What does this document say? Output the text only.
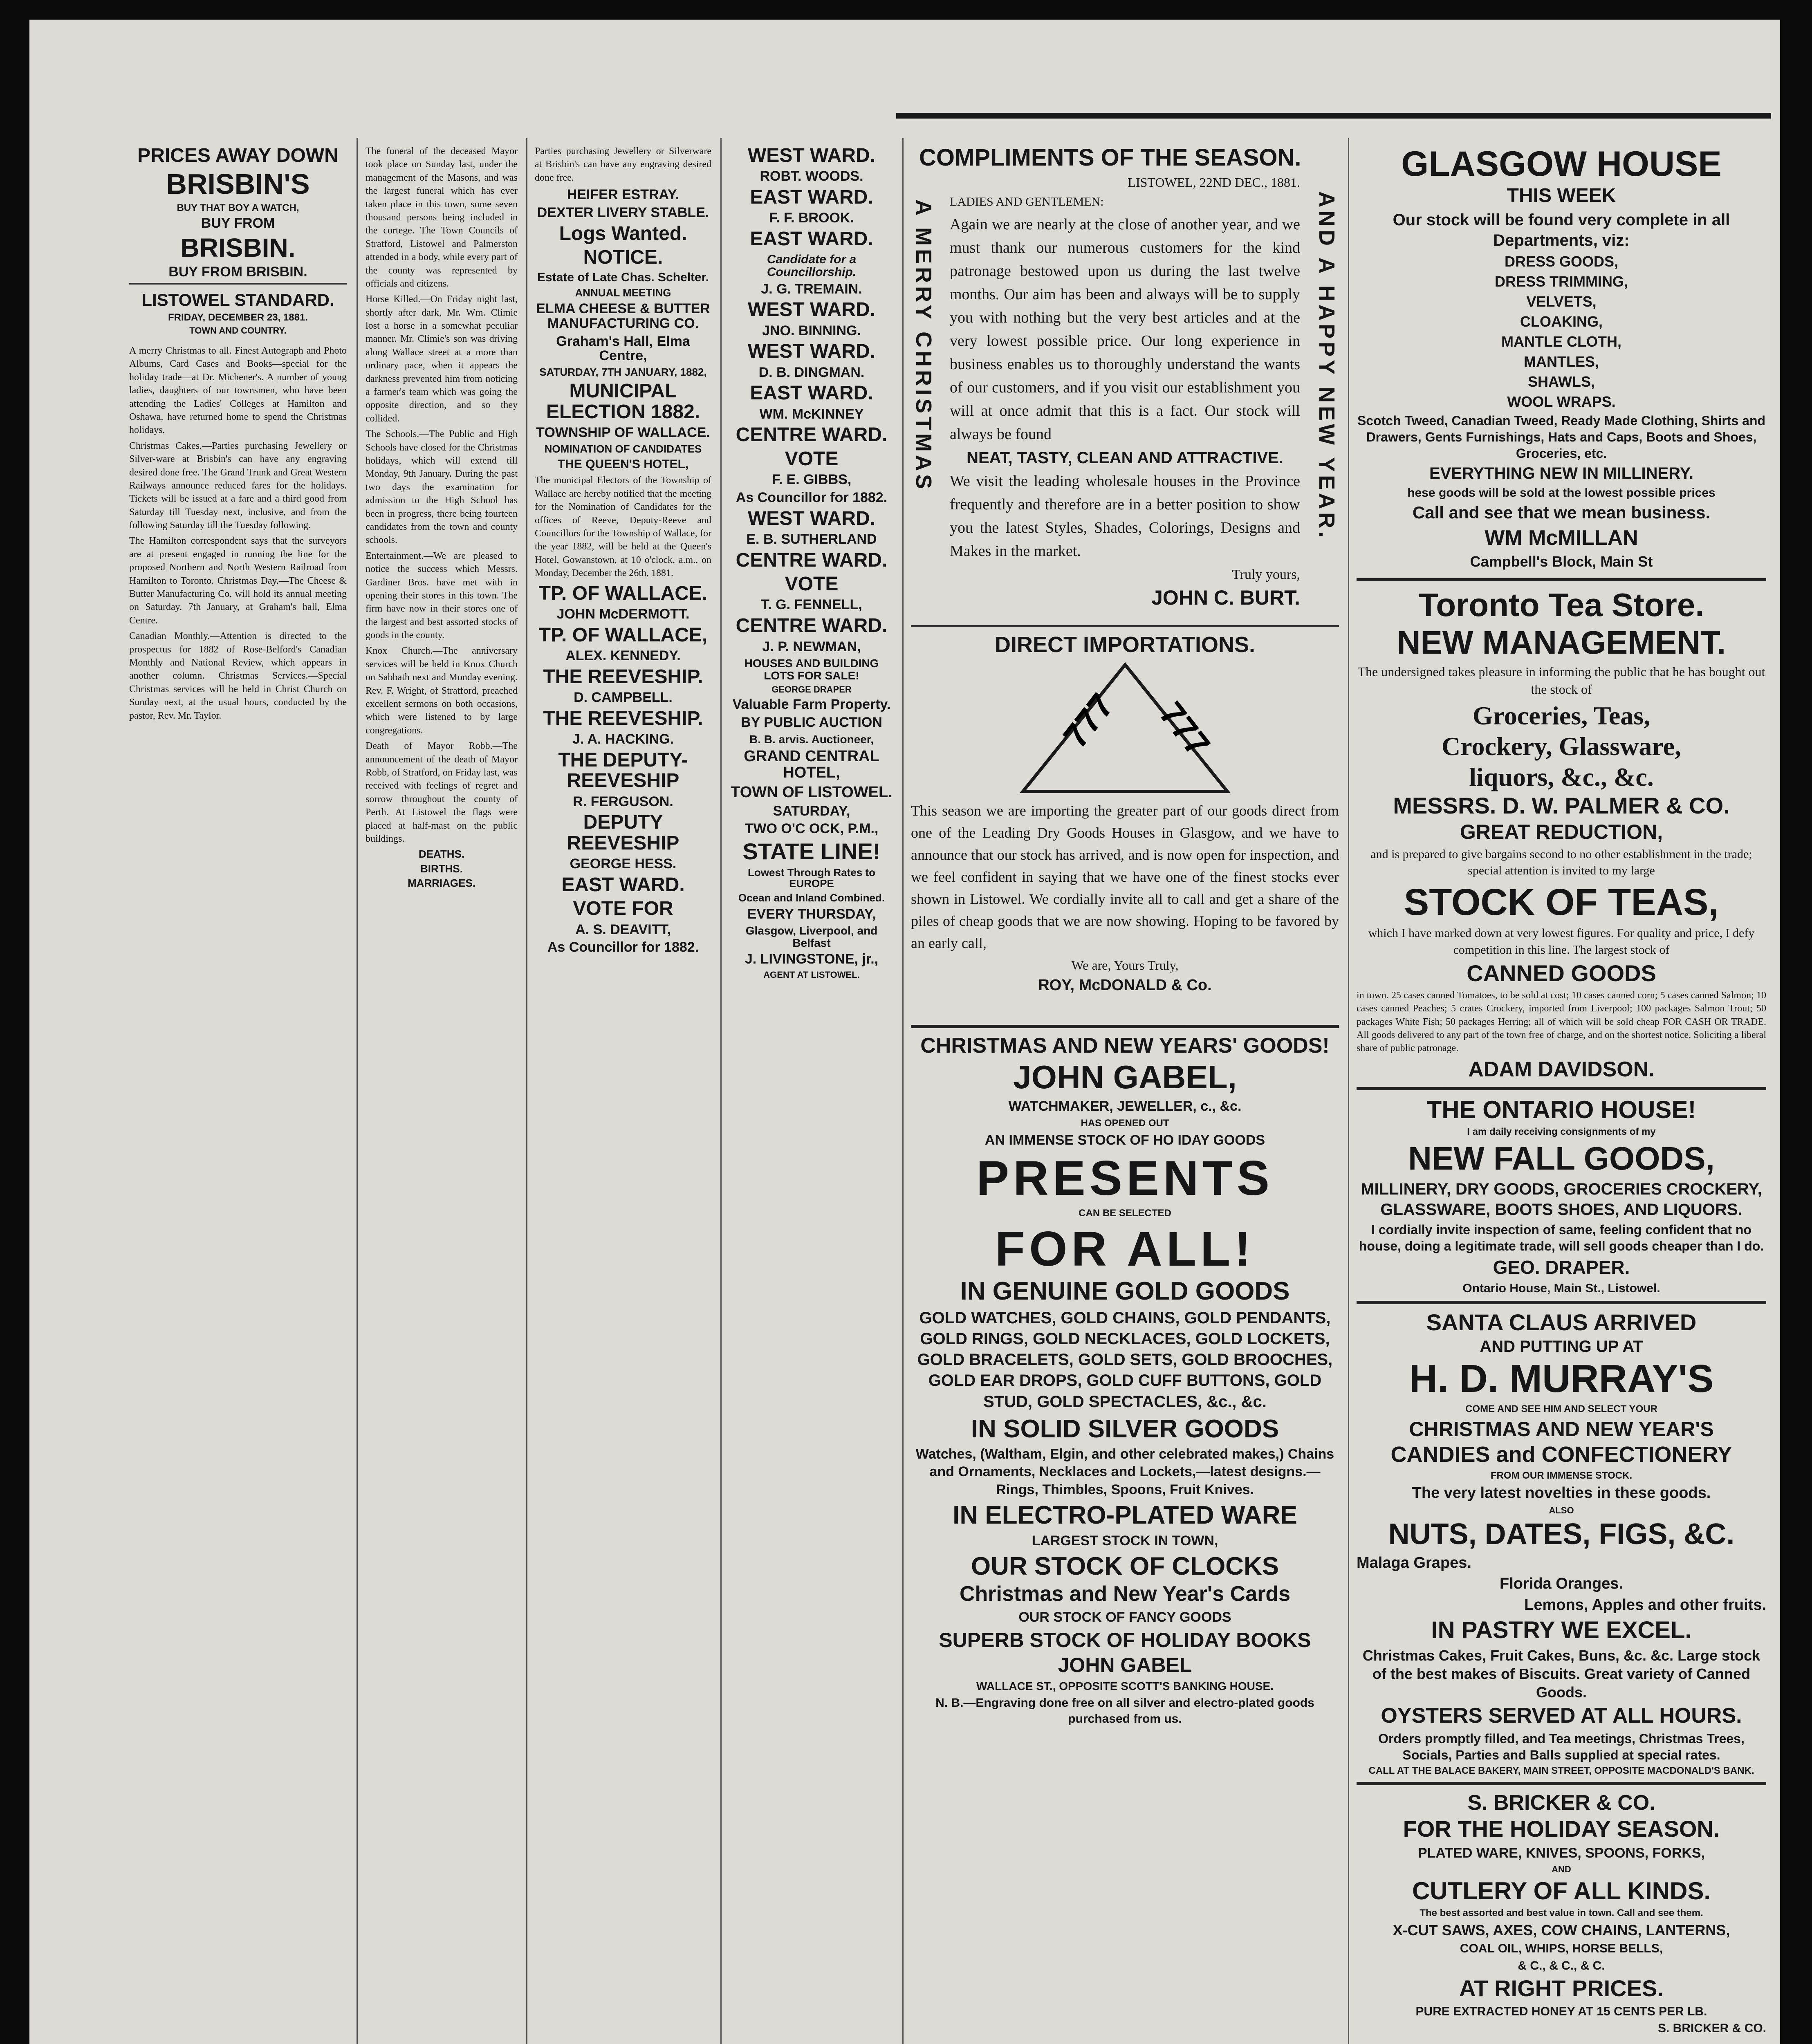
PRICES AWAY DOWN
BRISBIN'S
BUY THAT BOY A WATCH,
BUY FROM
BRISBIN.
BUY FROM BRISBIN.
LISTOWEL STANDARD.
FRIDAY, DECEMBER 23, 1881.
TOWN AND COUNTRY.
A merry Christmas to all. Finest Autograph and Photo Albums, Card Cases and Books—special for the holiday trade—at Dr. Michener's. A number of young ladies, daughters of our townsmen, who have been attending the Ladies' Colleges at Hamilton and Oshawa, have returned home to spend the Christmas holidays.
Christmas Cakes.—Parties purchasing Jewellery or Silver-ware at Brisbin's can have any engraving desired done free. The Grand Trunk and Great Western Railways announce reduced fares for the holidays. Tickets will be issued at a fare and a third good from Saturday till Tuesday next, inclusive, and from the following Saturday till the Tuesday following.
The Hamilton correspondent says that the surveyors are at present engaged in running the line for the proposed Northern and North Western Railroad from Hamilton to Toronto. Christmas Day.—The Cheese & Butter Manufacturing Co. will hold its annual meeting on Saturday, 7th January, at Graham's hall, Elma Centre.
Canadian Monthly.—Attention is directed to the prospectus for 1882 of Rose-Belford's Canadian Monthly and National Review, which appears in another column. Christmas Services.—Special Christmas services will be held in Christ Church on Sunday next, at the usual hours, conducted by the pastor, Rev. Mr. Taylor.
The funeral of the deceased Mayor took place on Sunday last, under the management of the Masons, and was the largest funeral which has ever taken place in this town, some seven thousand persons being included in the cortege. The Town Councils of Stratford, Listowel and Palmerston attended in a body, while every part of the county was represented by officials and citizens.
Horse Killed.—On Friday night last, shortly after dark, Mr. Wm. Climie lost a horse in a somewhat peculiar manner. Mr. Climie's son was driving along Wallace street at a more than ordinary pace, when it appears the darkness prevented him from noticing a farmer's team which was going the opposite direction, and so they collided.
The Schools.—The Public and High Schools have closed for the Christmas holidays, which will extend till Monday, 9th January. During the past two days the examination for admission to the High School has been in progress, there being fourteen candidates from the town and county schools.
Entertainment.—We are pleased to notice the success which Messrs. Gardiner Bros. have met with in opening their stores in this town. The firm have now in their stores one of the largest and best assorted stocks of goods in the county.
Knox Church.—The anniversary services will be held in Knox Church on Sabbath next and Monday evening. Rev. F. Wright, of Stratford, preached excellent sermons on both occasions, which were listened to by large congregations.
Death of Mayor Robb.—The announcement of the death of Mayor Robb, of Stratford, on Friday last, was received with feelings of regret and sorrow throughout the county of Perth. At Listowel the flags were placed at half-mast on the public buildings.
DEATHS.
BIRTHS.
MARRIAGES.
Parties purchasing Jewellery or Silverware at Brisbin's can have any engraving desired done free.
HEIFER ESTRAY.
DEXTER LIVERY STABLE.
Logs Wanted.
NOTICE.
Estate of Late Chas. Schelter.
ANNUAL MEETING
ELMA CHEESE & BUTTER MANUFACTURING CO.
Graham's Hall, Elma Centre,
SATURDAY, 7TH JANUARY, 1882,
MUNICIPAL ELECTION 1882.
TOWNSHIP OF WALLACE.
NOMINATION OF CANDIDATES
THE QUEEN'S HOTEL,
The municipal Electors of the Township of Wallace are hereby notified that the meeting for the Nomination of Candidates for the offices of Reeve, Deputy-Reeve and Councillors for the Township of Wallace, for the year 1882, will be held at the Queen's Hotel, Gowanstown, at 10 o'clock, a.m., on Monday, December the 26th, 1881.
TP. OF WALLACE.
JOHN McDERMOTT.
TP. OF WALLACE,
ALEX. KENNEDY.
THE REEVESHIP.
D. CAMPBELL.
THE REEVESHIP.
J. A. HACKING.
THE DEPUTY-REEVESHIP
R. FERGUSON.
DEPUTY REEVESHIP
GEORGE HESS.
EAST WARD.
VOTE FOR
A. S. DEAVITT,
As Councillor for 1882.
WEST WARD.
ROBT. WOODS.
EAST WARD.
F. F. BROOK.
EAST WARD.
Candidate for a Councillorship.
J. G. TREMAIN.
WEST WARD.
JNO. BINNING.
WEST WARD.
D. B. DINGMAN.
EAST WARD.
WM. McKINNEY
CENTRE WARD.
VOTE
F. E. GIBBS,
As Councillor for 1882.
WEST WARD.
E. B. SUTHERLAND
CENTRE WARD.
VOTE
T. G. FENNELL,
CENTRE WARD.
J. P. NEWMAN,
HOUSES AND BUILDING LOTS FOR SALE!
GEORGE DRAPER
Valuable Farm Property.
BY PUBLIC AUCTION
B. B. arvis. Auctioneer,
GRAND CENTRAL HOTEL,
TOWN OF LISTOWEL.
SATURDAY,
TWO O'C OCK, P.M.,
STATE LINE!
Lowest Through Rates to EUROPE
Ocean and Inland Combined.
EVERY THURSDAY,
Glasgow, Liverpool, and Belfast
J. LIVINGSTONE, jr.,
AGENT AT LISTOWEL.
COMPLIMENTS OF THE SEASON.
A MERRY CHRISTMAS	AND A HAPPY NEW YEAR.
LISTOWEL, 22ND DEC., 1881.
LADIES AND GENTLEMEN:
Again we are nearly at the close of another year, and we must thank our numerous customers for the kind patronage bestowed upon us during the last twelve months. Our aim has been and always will be to supply you with nothing but the very best articles and at the very lowest possible price. Our long experience in business enables us to thoroughly understand the wants of our customers, and if you visit our establishment you will at once admit that this is a fact. Our stock will always be found
NEAT, TASTY, CLEAN AND ATTRACTIVE.
We visit the leading wholesale houses in the Province frequently and therefore are in a better position to show you the latest Styles, Shades, Colorings, Designs and Makes in the market.
Truly yours,
JOHN C. BURT.
DIRECT IMPORTATIONS.
777 777
This season we are importing the greater part of our goods direct from one of the Leading Dry Goods Houses in Glasgow, and we have to announce that our stock has arrived, and is now open for inspection, and we feel confident in saying that we have one of the finest stocks ever shown in Listowel. We cordially invite all to call and get a share of the piles of cheap goods that we are now showing. Hoping to be favored by an early call,
We are, Yours Truly,
ROY, McDONALD & Co.
CHRISTMAS AND NEW YEARS' GOODS!
JOHN GABEL,
WATCHMAKER, JEWELLER, c., &c.
HAS OPENED OUT
AN IMMENSE STOCK OF HO IDAY GOODS
PRESENTS
CAN BE SELECTED
FOR ALL!
IN GENUINE GOLD GOODS
GOLD WATCHES, GOLD CHAINS, GOLD PENDANTS, GOLD RINGS, GOLD NECKLACES, GOLD LOCKETS, GOLD BRACELETS, GOLD SETS, GOLD BROOCHES, GOLD EAR DROPS, GOLD CUFF BUTTONS, GOLD STUD, GOLD SPECTACLES, &c., &c.
IN SOLID SILVER GOODS
Watches, (Waltham, Elgin, and other celebrated makes,) Chains and Ornaments, Necklaces and Lockets,—latest designs.—Rings, Thimbles, Spoons, Fruit Knives.
IN ELECTRO-PLATED WARE
LARGEST STOCK IN TOWN,
OUR STOCK OF CLOCKS
Christmas and New Year's Cards
OUR STOCK OF FANCY GOODS
SUPERB STOCK OF HOLIDAY BOOKS
JOHN GABEL
WALLACE ST., OPPOSITE SCOTT'S BANKING HOUSE.
N. B.—Engraving done free on all silver and electro-plated goods purchased from us.
GLASGOW HOUSE
THIS WEEK
Our stock will be found very complete in all Departments, viz:
DRESS GOODS,
DRESS TRIMMING,
VELVETS,
CLOAKING,
MANTLE CLOTH,
MANTLES,
SHAWLS,
WOOL WRAPS.
Scotch Tweed, Canadian Tweed, Ready Made Clothing, Shirts and Drawers, Gents Furnishings, Hats and Caps, Boots and Shoes, Groceries, etc.
EVERYTHING NEW IN MILLINERY.
hese goods will be sold at the lowest possible prices
Call and see that we mean business.
WM McMILLAN
Campbell's Block, Main St
Toronto Tea Store.
NEW MANAGEMENT.
The undersigned takes pleasure in informing the public that he has bought out the stock of
Groceries, Teas,
Crockery, Glassware,
liquors, &c., &c.
MESSRS. D. W. PALMER & CO.
GREAT REDUCTION,
and is prepared to give bargains second to no other establishment in the trade; special attention is invited to my large
STOCK OF TEAS,
which I have marked down at very lowest figures. For quality and price, I defy competition in this line. The largest stock of
CANNED GOODS
in town. 25 cases canned Tomatoes, to be sold at cost; 10 cases canned corn; 5 cases canned Salmon; 10 cases canned Peaches; 5 crates Crockery, imported from Liverpool; 100 packages Salmon Trout; 50 packages White Fish; 50 packages Herring; all of which will be sold cheap FOR CASH OR TRADE. All goods delivered to any part of the town free of charge, and on the shortest notice. Soliciting a liberal share of public patronage.
ADAM DAVIDSON.
THE ONTARIO HOUSE!
I am daily receiving consignments of my
NEW FALL GOODS,
MILLINERY, DRY GOODS, GROCERIES CROCKERY, GLASSWARE, BOOTS SHOES, AND LIQUORS.
I cordially invite inspection of same, feeling confident that no house, doing a legitimate trade, will sell goods cheaper than I do.
GEO. DRAPER.
Ontario House, Main St., Listowel.
SANTA CLAUS ARRIVED
AND PUTTING UP AT
H. D. MURRAY'S
COME AND SEE HIM AND SELECT YOUR
CHRISTMAS AND NEW YEAR'S
CANDIES and CONFECTIONERY
FROM OUR IMMENSE STOCK.
The very latest novelties in these goods.
ALSO
NUTS, DATES, FIGS, &C.
Malaga Grapes.
Florida Oranges.
Lemons, Apples and other fruits.
IN PASTRY WE EXCEL.
Christmas Cakes, Fruit Cakes, Buns, &c. &c. Large stock of the best makes of Biscuits. Great variety of Canned Goods.
OYSTERS SERVED AT ALL HOURS.
Orders promptly filled, and Tea meetings, Christmas Trees, Socials, Parties and Balls supplied at special rates.
CALL AT THE BALACE BAKERY, MAIN STREET, OPPOSITE MACDONALD'S BANK.
S. BRICKER & CO.
FOR THE HOLIDAY SEASON.
PLATED WARE, KNIVES, SPOONS, FORKS,
AND
CUTLERY OF ALL KINDS.
The best assorted and best value in town. Call and see them.
X-CUT SAWS, AXES, COW CHAINS, LANTERNS,
COAL OIL, WHIPS, HORSE BELLS,
& C., & C., & C.
AT RIGHT PRICES.
PURE EXTRACTED HONEY AT 15 CENTS PER LB.
S. BRICKER & CO.
